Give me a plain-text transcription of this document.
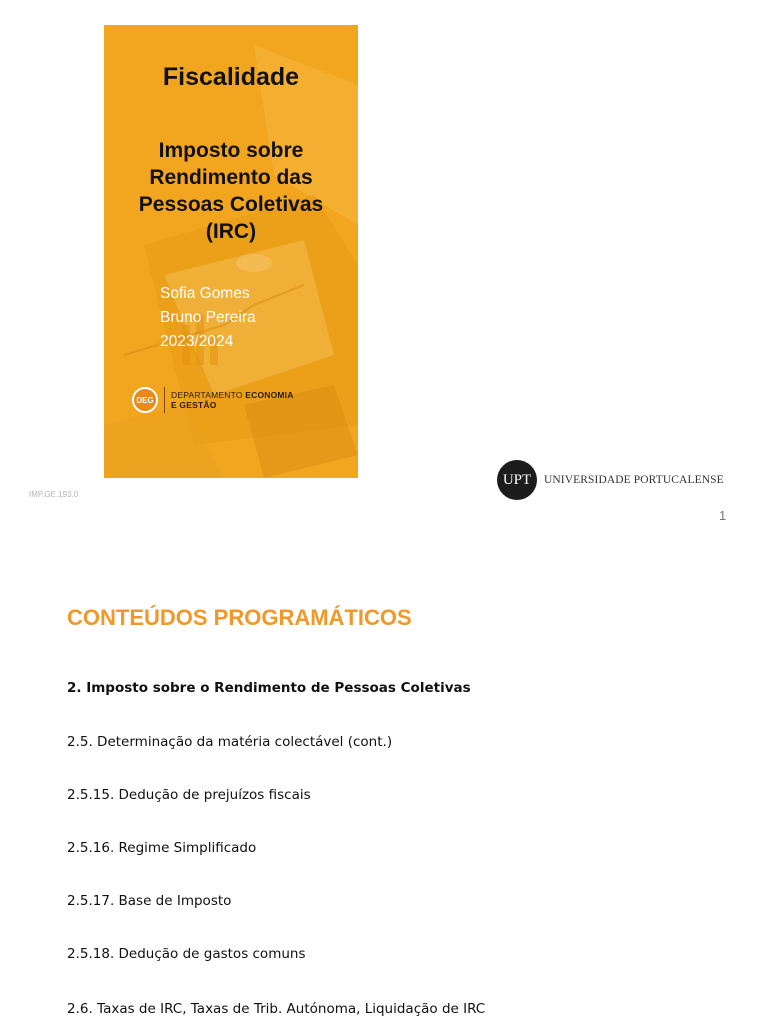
Fiscalidade
Imposto sobre
Rendimento das
Pessoas Coletivas
(IRC)
Sofia Gomes
Bruno Pereira
2023/2024
DEG	DEPARTAMENTO ECONOMIA
E GESTÃO
IMP.GE.193.0
UPT	UNIVERSIDADE PORTUCALENSE
1
CONTEÚDOS PROGRAMÁTICOS
2. Imposto sobre o Rendimento de Pessoas Coletivas
2.5. Determinação da matéria colectável (cont.)
2.5.15. Dedução de prejuízos fiscais
2.5.16. Regime Simplificado
2.5.17. Base de Imposto
2.5.18. Dedução de gastos comuns
2.6. Taxas de IRC, Taxas de Trib. Autónoma, Liquidação de IRC
